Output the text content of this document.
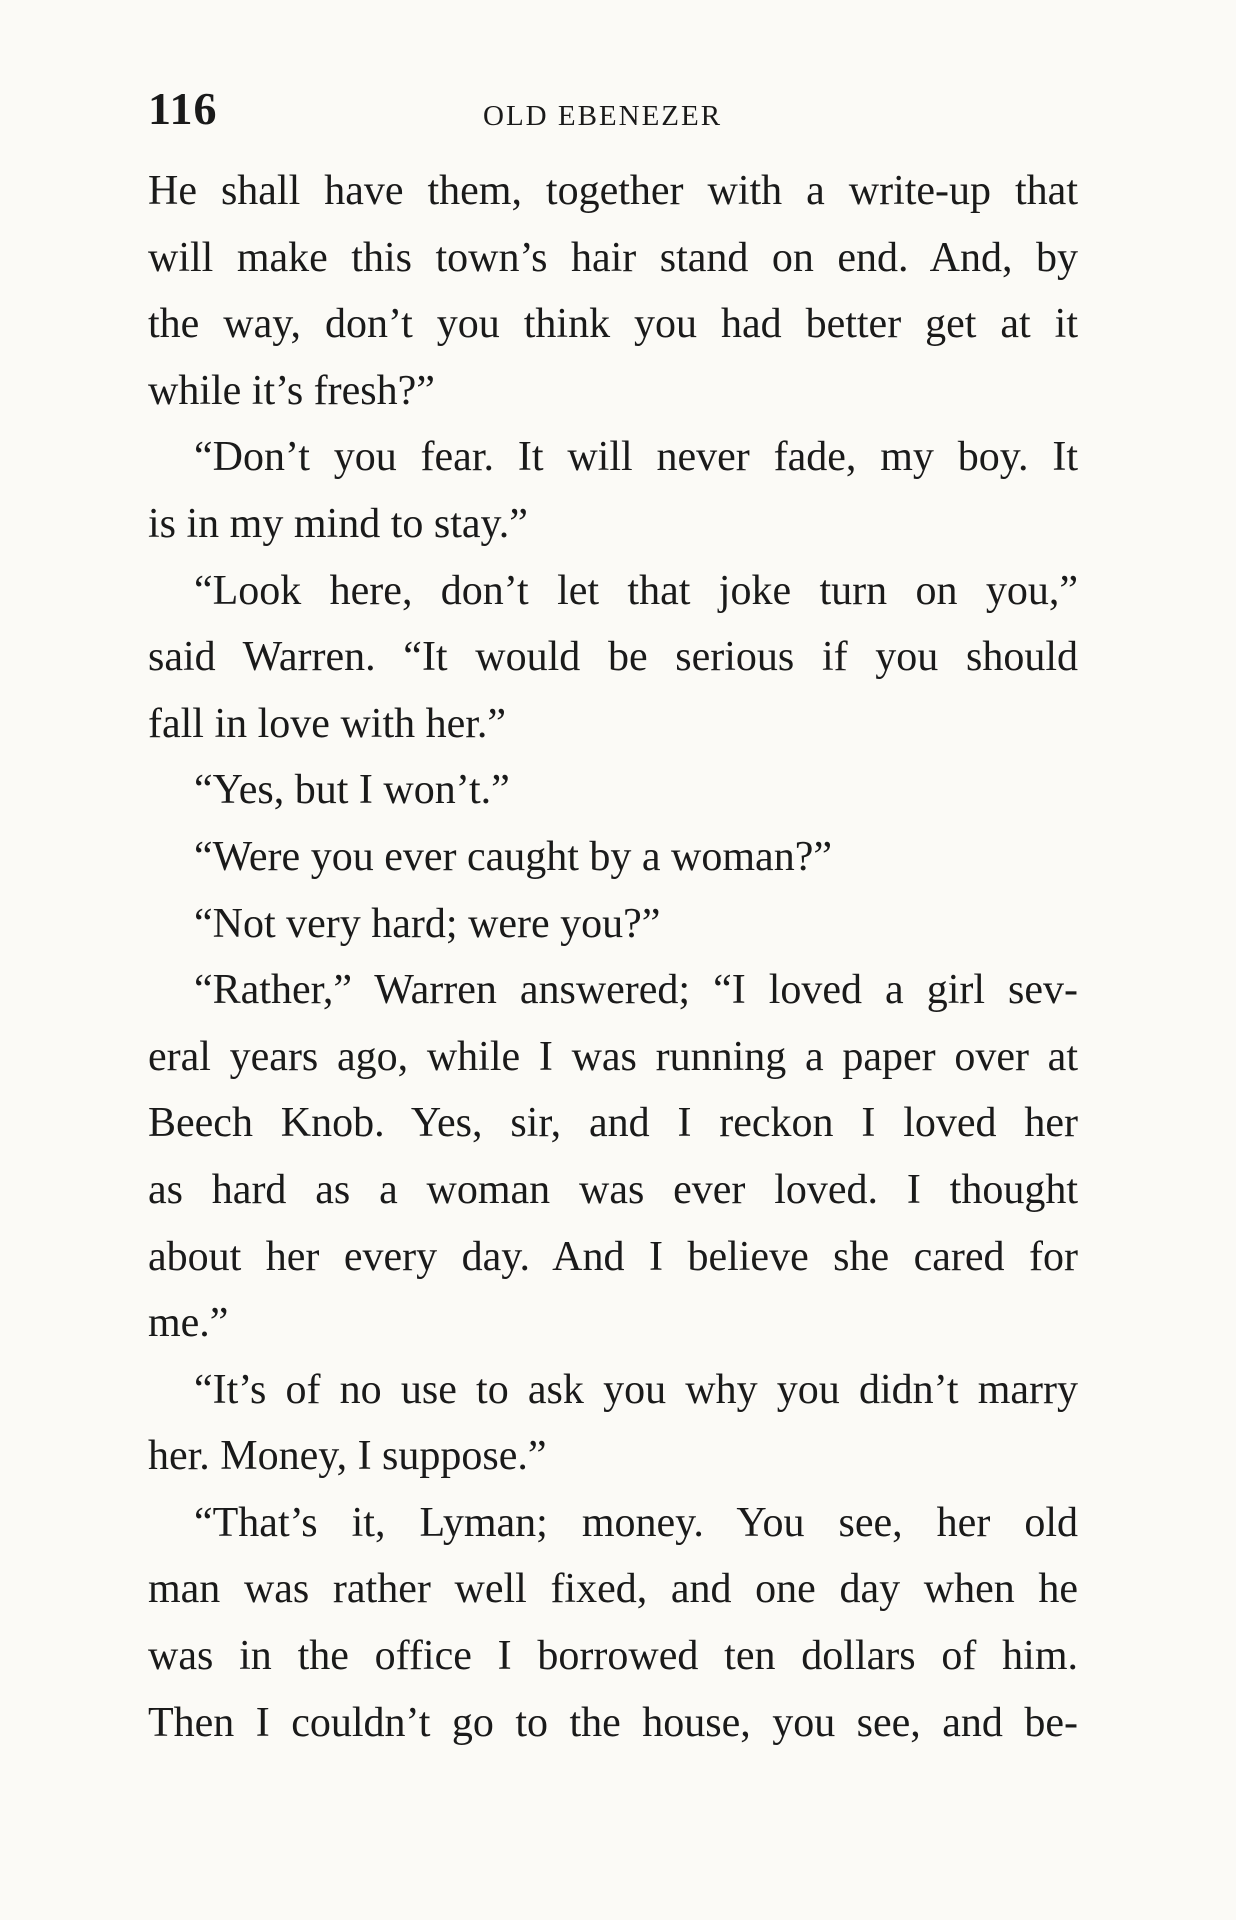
116	OLD EBENEZER
He shall have them, together with a write-up that
will make this town’s hair stand on end. And, by
the way, don’t you think you had better get at it
while it’s fresh?”
“Don’t you fear. It will never fade, my boy. It
is in my mind to stay.”
“Look here, don’t let that joke turn on you,”
said Warren. “It would be serious if you should
fall in love with her.”
“Yes, but I won’t.”
“Were you ever caught by a woman?”
“Not very hard; were you?”
“Rather,” Warren answered; “I loved a girl sev-
eral years ago, while I was running a paper over at
Beech Knob. Yes, sir, and I reckon I loved her
as hard as a woman was ever loved. I thought
about her every day. And I believe she cared for
me.”
“It’s of no use to ask you why you didn’t marry
her. Money, I suppose.”
“That’s it, Lyman; money. You see, her old
man was rather well fixed, and one day when he
was in the office I borrowed ten dollars of him.
Then I couldn’t go to the house, you see, and be-
